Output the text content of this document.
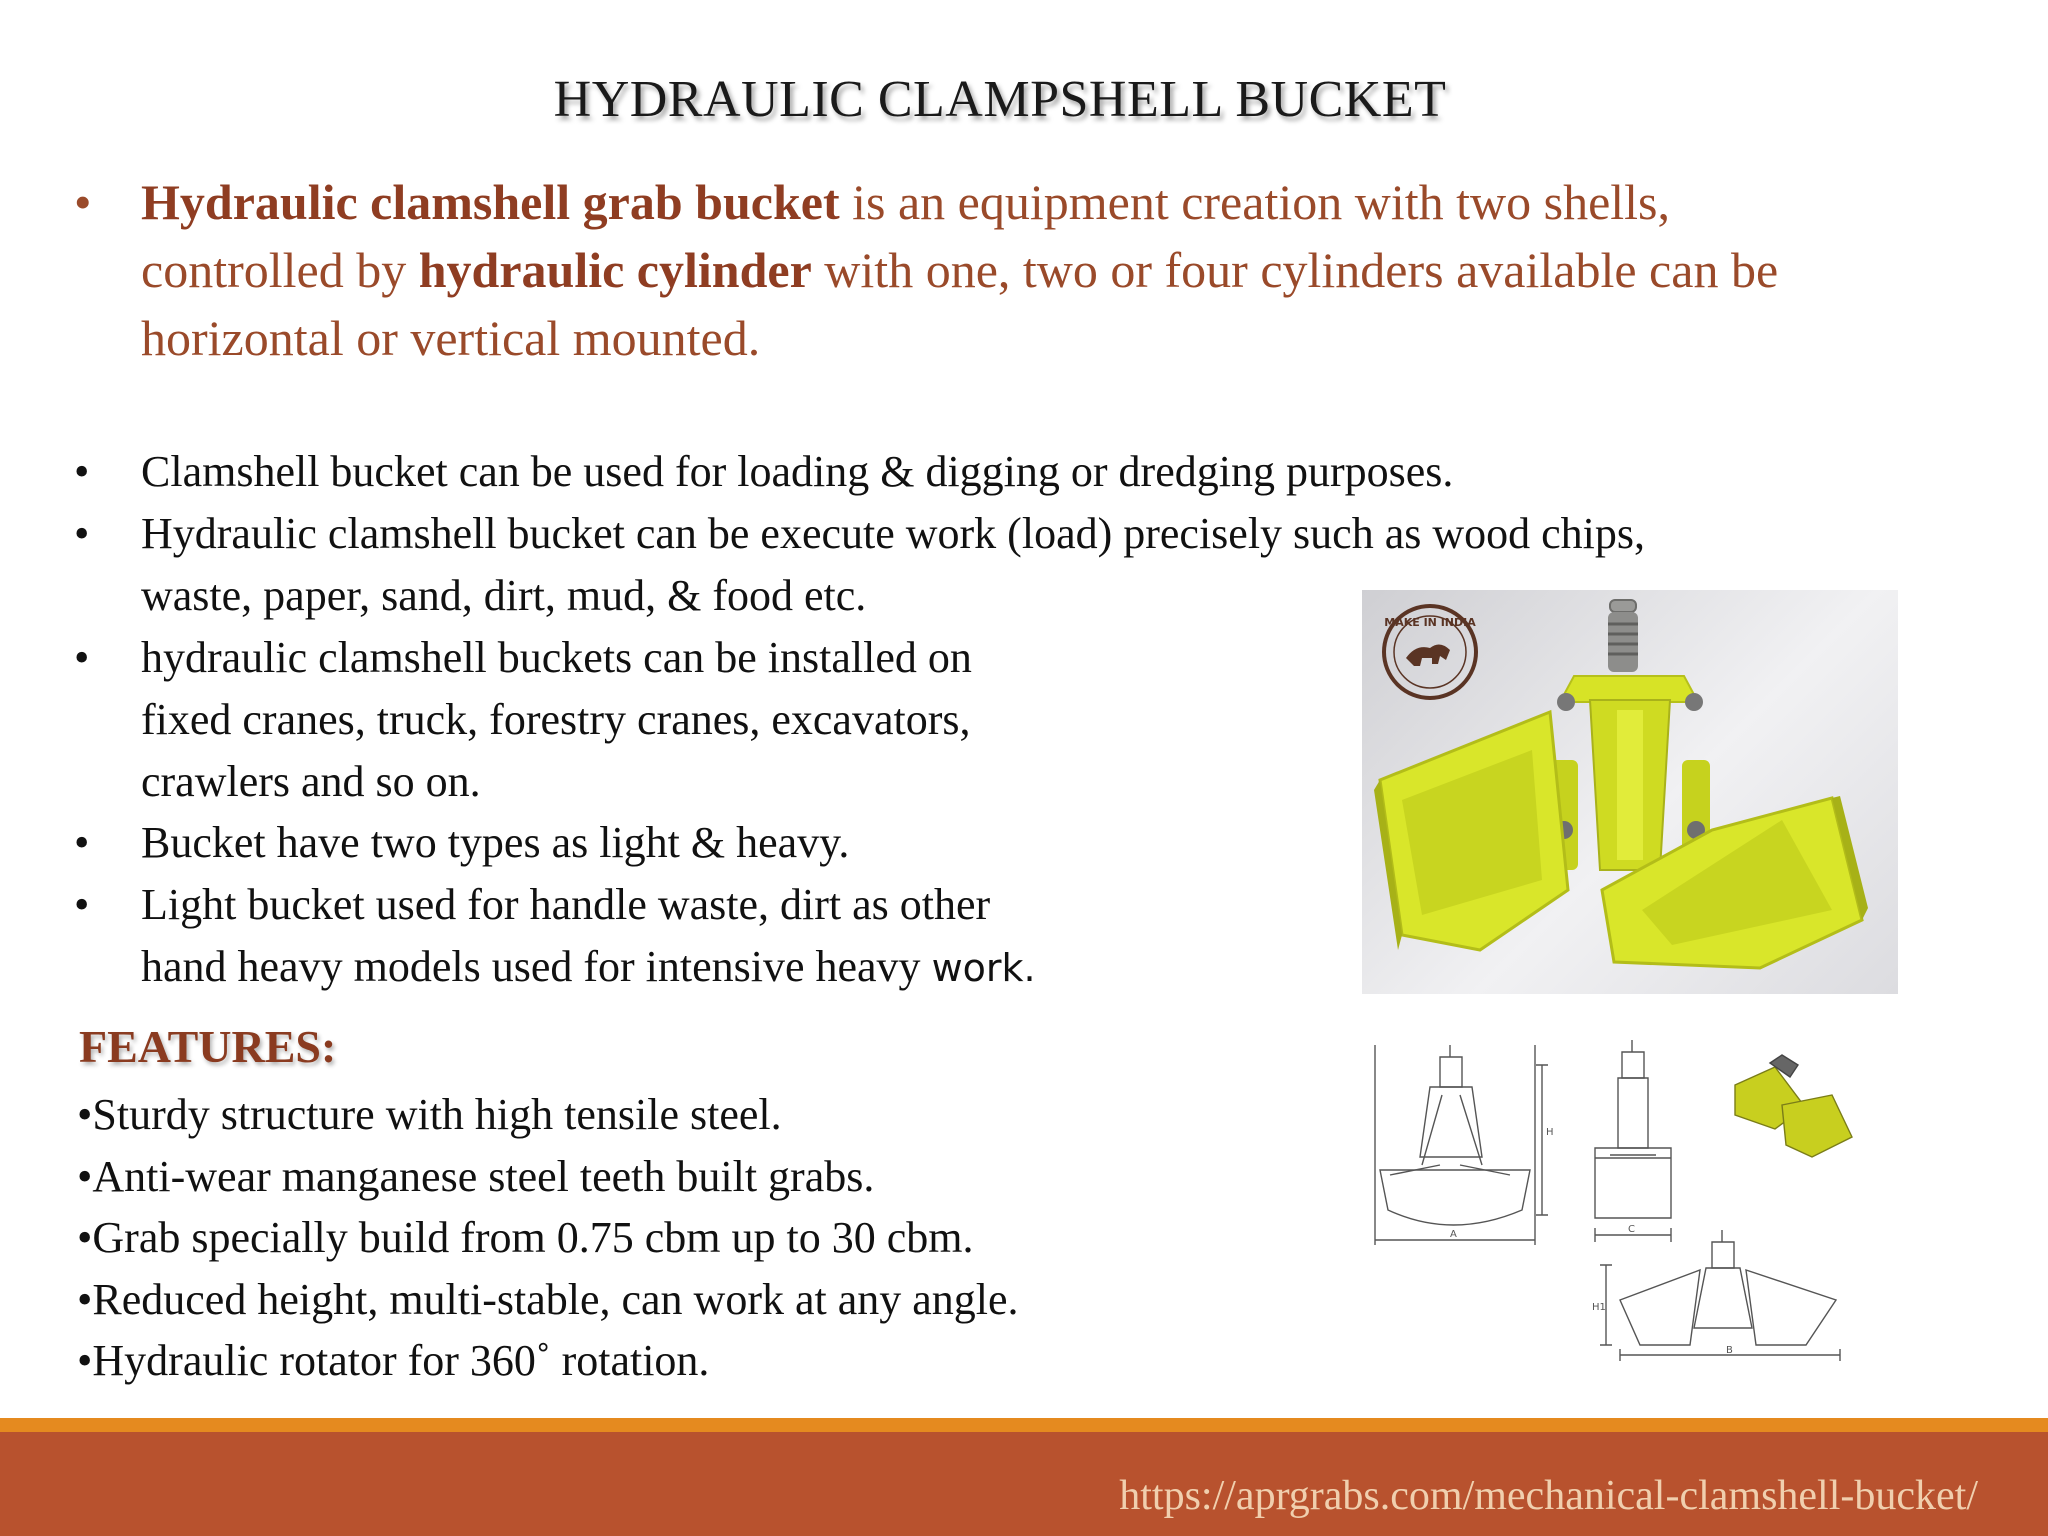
HYDRAULIC CLAMPSHELL BUCKET
• Hydraulic clamshell grab bucket is an equipment creation with two shells,
controlled by hydraulic cylinder with one, two or four cylinders available can be
horizontal or vertical mounted.
• Clamshell bucket can be used for loading & digging or dredging purposes.
• Hydraulic clamshell bucket can be execute work (load) precisely such as wood chips,
waste, paper, sand, dirt, mud, & food etc.
• hydraulic clamshell buckets can be installed on
fixed cranes, truck, forestry cranes, excavators,
crawlers and so on.
• Bucket have two types as light & heavy.
• Light bucket used for handle waste, dirt as other
hand heavy models used for intensive heavy work.
FEATURES:
•Sturdy structure with high tensile steel.
•Anti-wear manganese steel teeth built grabs.
•Grab specially build from 0.75 cbm up to 30 cbm.
•Reduced height, multi-stable, can work at any angle.
•Hydraulic rotator for 360˚ rotation.
MAKE IN INDIA
H
A	C
H1
B
https://aprgrabs.com/mechanical-clamshell-bucket/
